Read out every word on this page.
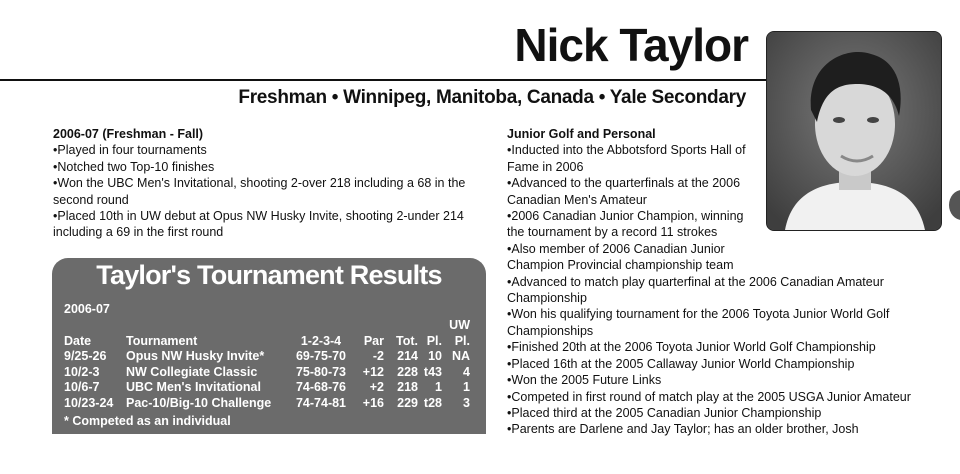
Nick Taylor
Freshman • Winnipeg, Manitoba, Canada • Yale Secondary

2006-07 (Freshman - Fall)

• Played in four tournaments
• Notched two Top-10 finishes
• Won the UBC Men's Invitational, shooting 2-over 218 including a 68 in the second round
• Placed 10th in UW debut at Opus NW Husky Invite, shooting 2-under 214 including a 69 in the first round
Taylor's Tournament Results
2006-07
Date	Tournament	1-2-3-4	Par	Tot.	Pl.	UW
Pl.

9/25-26	Opus NW Husky Invite*	69-75-70	-2	214	10	NA
10/2-3	NW Collegiate Classic	75-80-73	+12	228	t43	4
10/6-7	UBC Men's Invitational	74-68-76	+2	218	1	1
10/23-24	Pac-10/Big-10 Challenge	74-74-81	+16	229	t28	3
* Competed as an individual

Junior Golf and Personal

• Inducted into the Abbotsford Sports Hall of Fame in 2006
• Advanced to the quarterfinals at the 2006 Canadian Men's Amateur
• 2006 Canadian Junior Champion, winning the tournament by a record 11 strokes
• Also member of 2006 Canadian Junior Champion Provincial championship team
• Advanced to match play quarterfinal at the 2006 Canadian Amateur Championship
• Won his qualifying tournament for the 2006 Toyota Junior World Golf Championships
• Finished 20th at the 2006 Toyota Junior World Golf Championship
• Placed 16th at the 2005 Callaway Junior World Championship
• Won the 2005 Future Links
• Competed in first round of match play at the 2005 USGA Junior Amateur
• Placed third at the 2005 Canadian Junior Championship
• Parents are Darlene and Jay Taylor; has an older brother, Josh
